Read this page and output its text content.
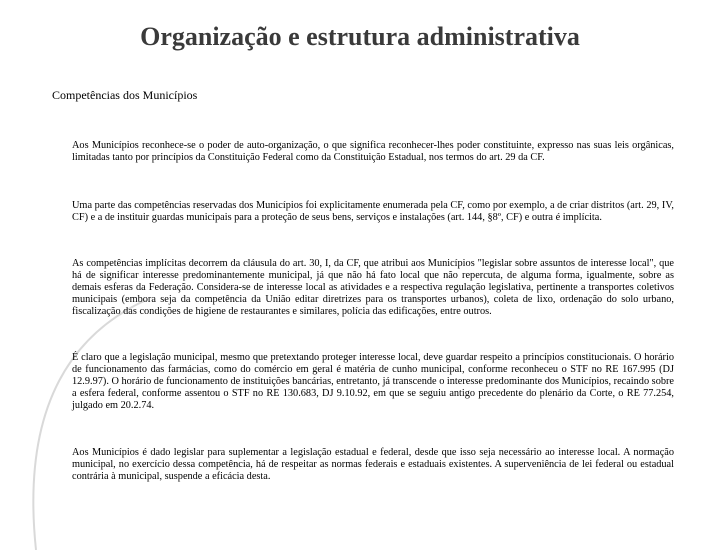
Organização e estrutura administrativa
Competências dos Municípios
Aos Municípios reconhece-se o poder de auto-organização, o que significa reconhecer-lhes poder constituinte, expresso nas suas leis orgânicas, limitadas tanto por princípios da Constituição Federal como da Constituição Estadual, nos termos do art. 29 da CF.
Uma parte das competências reservadas dos Municípios foi explicitamente enumerada pela CF, como por exemplo, a de criar distritos (art. 29, IV, CF) e a de instituir guardas municipais para a proteção de seus bens, serviços e instalações (art. 144, §8º, CF) e outra é implícita.
As competências implícitas decorrem da cláusula do art. 30, I, da CF, que atribui aos Municípios "legislar sobre assuntos de interesse local", que há de significar interesse predominantemente municipal, já que não há fato local que não repercuta, de alguma forma, igualmente, sobre as demais esferas da Federação. Considera-se de interesse local as atividades e a respectiva regulação legislativa, pertinente a transportes coletivos municipais (embora seja da competência da União editar diretrizes para os transportes urbanos), coleta de lixo, ordenação do solo urbano, fiscalização das condições de higiene de restaurantes e similares, polícia das edificações, entre outros.
É claro que a legislação municipal, mesmo que pretextando proteger interesse local, deve guardar respeito a princípios constitucionais. O horário de funcionamento das farmácias, como do comércio em geral é matéria de cunho municipal, conforme reconheceu o STF no RE 167.995 (DJ 12.9.97). O horário de funcionamento de instituições bancárias, entretanto, já transcende o interesse predominante dos Municípios, recaindo sobre a esfera federal, conforme assentou o STF no RE 130.683, DJ 9.10.92, em que se seguiu antigo precedente do plenário da Corte, o RE 77.254, julgado em 20.2.74.
Aos Municípios é dado legislar para suplementar a legislação estadual e federal, desde que isso seja necessário ao interesse local. A normação municipal, no exercício dessa competência, há de respeitar as normas federais e estaduais existentes. A superveniência de lei federal ou estadual contrária à municipal, suspende a eficácia desta.
